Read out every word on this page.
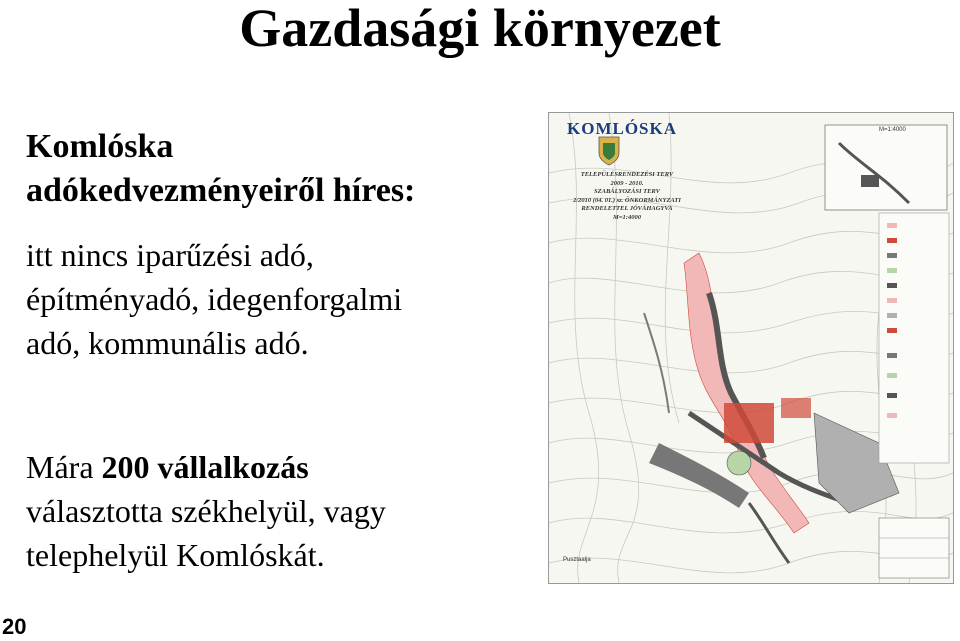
Gazdasági környezet
Komlóska
adókedvezményeiről híres:
itt nincs iparűzési adó,
építményadó, idegenforgalmi
adó, kommunális adó.
Mára 200 vállalkozás
választotta székhelyül, vagy
telephelyül Komlóskát.
20
KOMLÓSKA
TELEPÜLÉSRENDEZÉSI TERV
2009 - 2010.
SZABÁLYOZÁSI TERV
2/2010 (04. 01.) sz. ÖNKORMÁNYZATI
RENDELETTEL JÓVÁHAGYVA
M=1:4000
M=1:4000
Pusztaalja
